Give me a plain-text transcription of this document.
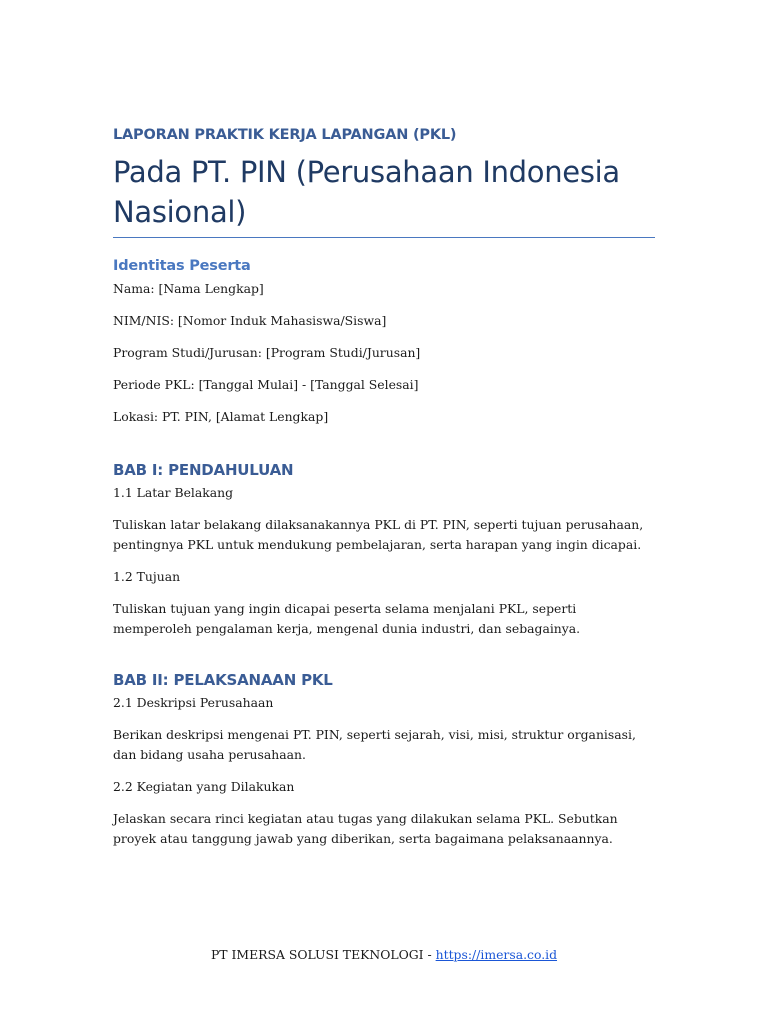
LAPORAN PRAKTIK KERJA LAPANGAN (PKL)
Pada PT. PIN (Perusahaan Indonesia Nasional)
Identitas Peserta
Nama: [Nama Lengkap]
NIM/NIS: [Nomor Induk Mahasiswa/Siswa]
Program Studi/Jurusan: [Program Studi/Jurusan]
Periode PKL: [Tanggal Mulai] - [Tanggal Selesai]
Lokasi: PT. PIN, [Alamat Lengkap]
BAB I: PENDAHULUAN
1.1 Latar Belakang
Tuliskan latar belakang dilaksanakannya PKL di PT. PIN, seperti tujuan perusahaan, pentingnya PKL untuk mendukung pembelajaran, serta harapan yang ingin dicapai.
1.2 Tujuan
Tuliskan tujuan yang ingin dicapai peserta selama menjalani PKL, seperti memperoleh pengalaman kerja, mengenal dunia industri, dan sebagainya.
BAB II: PELAKSANAAN PKL
2.1 Deskripsi Perusahaan
Berikan deskripsi mengenai PT. PIN, seperti sejarah, visi, misi, struktur organisasi, dan bidang usaha perusahaan.
2.2 Kegiatan yang Dilakukan
Jelaskan secara rinci kegiatan atau tugas yang dilakukan selama PKL. Sebutkan proyek atau tanggung jawab yang diberikan, serta bagaimana pelaksanaannya.
PT IMERSA SOLUSI TEKNOLOGI - https://imersa.co.id
